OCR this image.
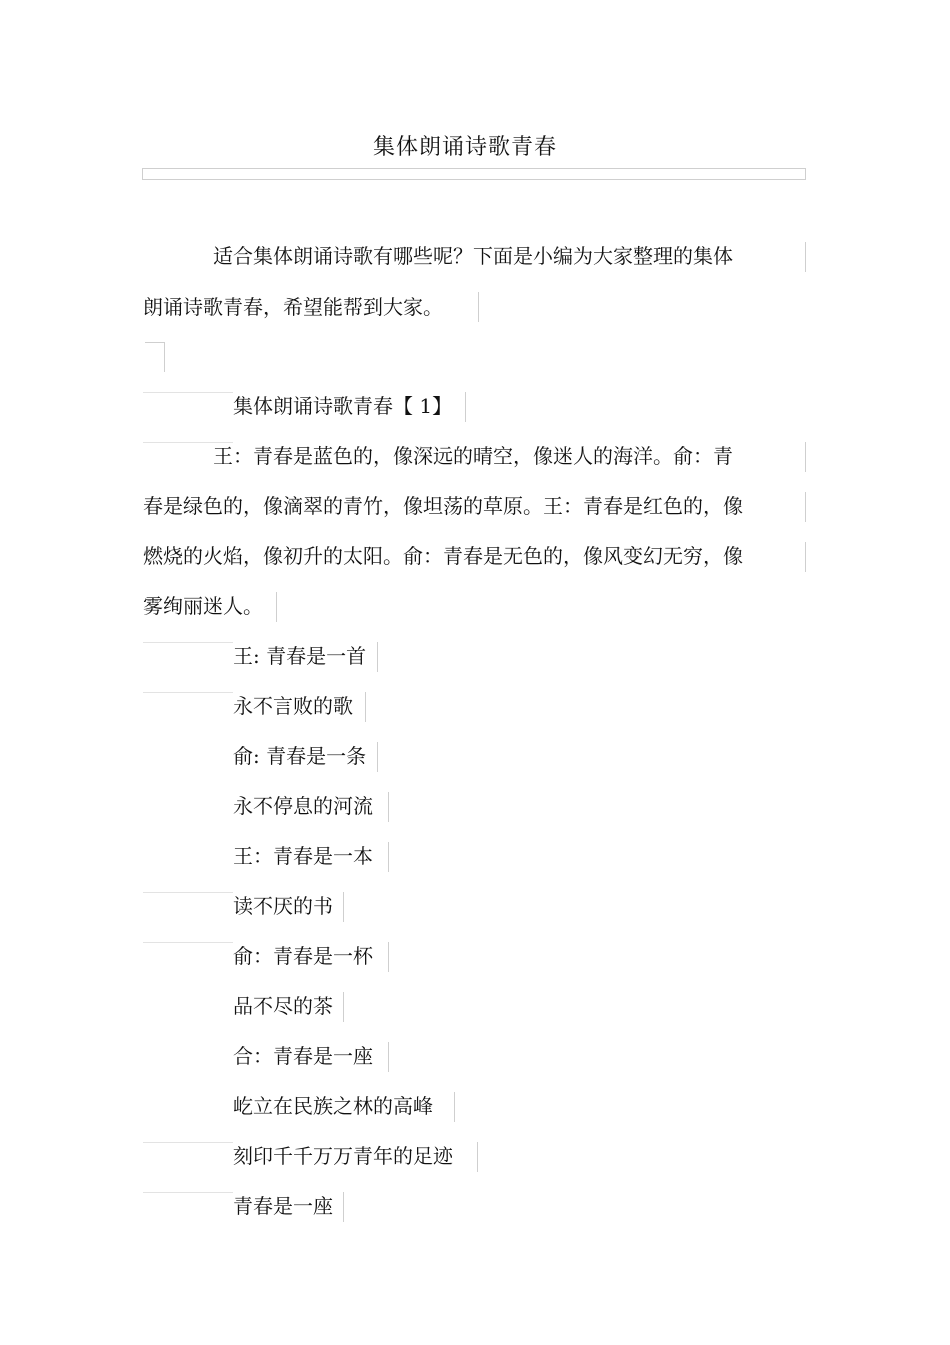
集体朗诵诗歌青春
适合集体朗诵诗歌有哪些呢？下面是小编为大家整理的集体
朗诵诗歌青春，希望能帮到大家。
集体朗诵诗歌青春【 1】
王：青春是蓝色的，像深远的晴空，像迷人的海洋。俞：青
春是绿色的，像滴翠的青竹，像坦荡的草原。王：青春是红色的，像
燃烧的火焰，像初升的太阳。俞：青春是无色的，像风变幻无穷，像
雾绚丽迷人。
王: 青春是一首
永不言败的歌
俞: 青春是一条
永不停息的河流
王：青春是一本
读不厌的书
俞：青春是一杯
品不尽的茶
合：青春是一座
屹立在民族之林的高峰
刻印千千万万青年的足迹
青春是一座
